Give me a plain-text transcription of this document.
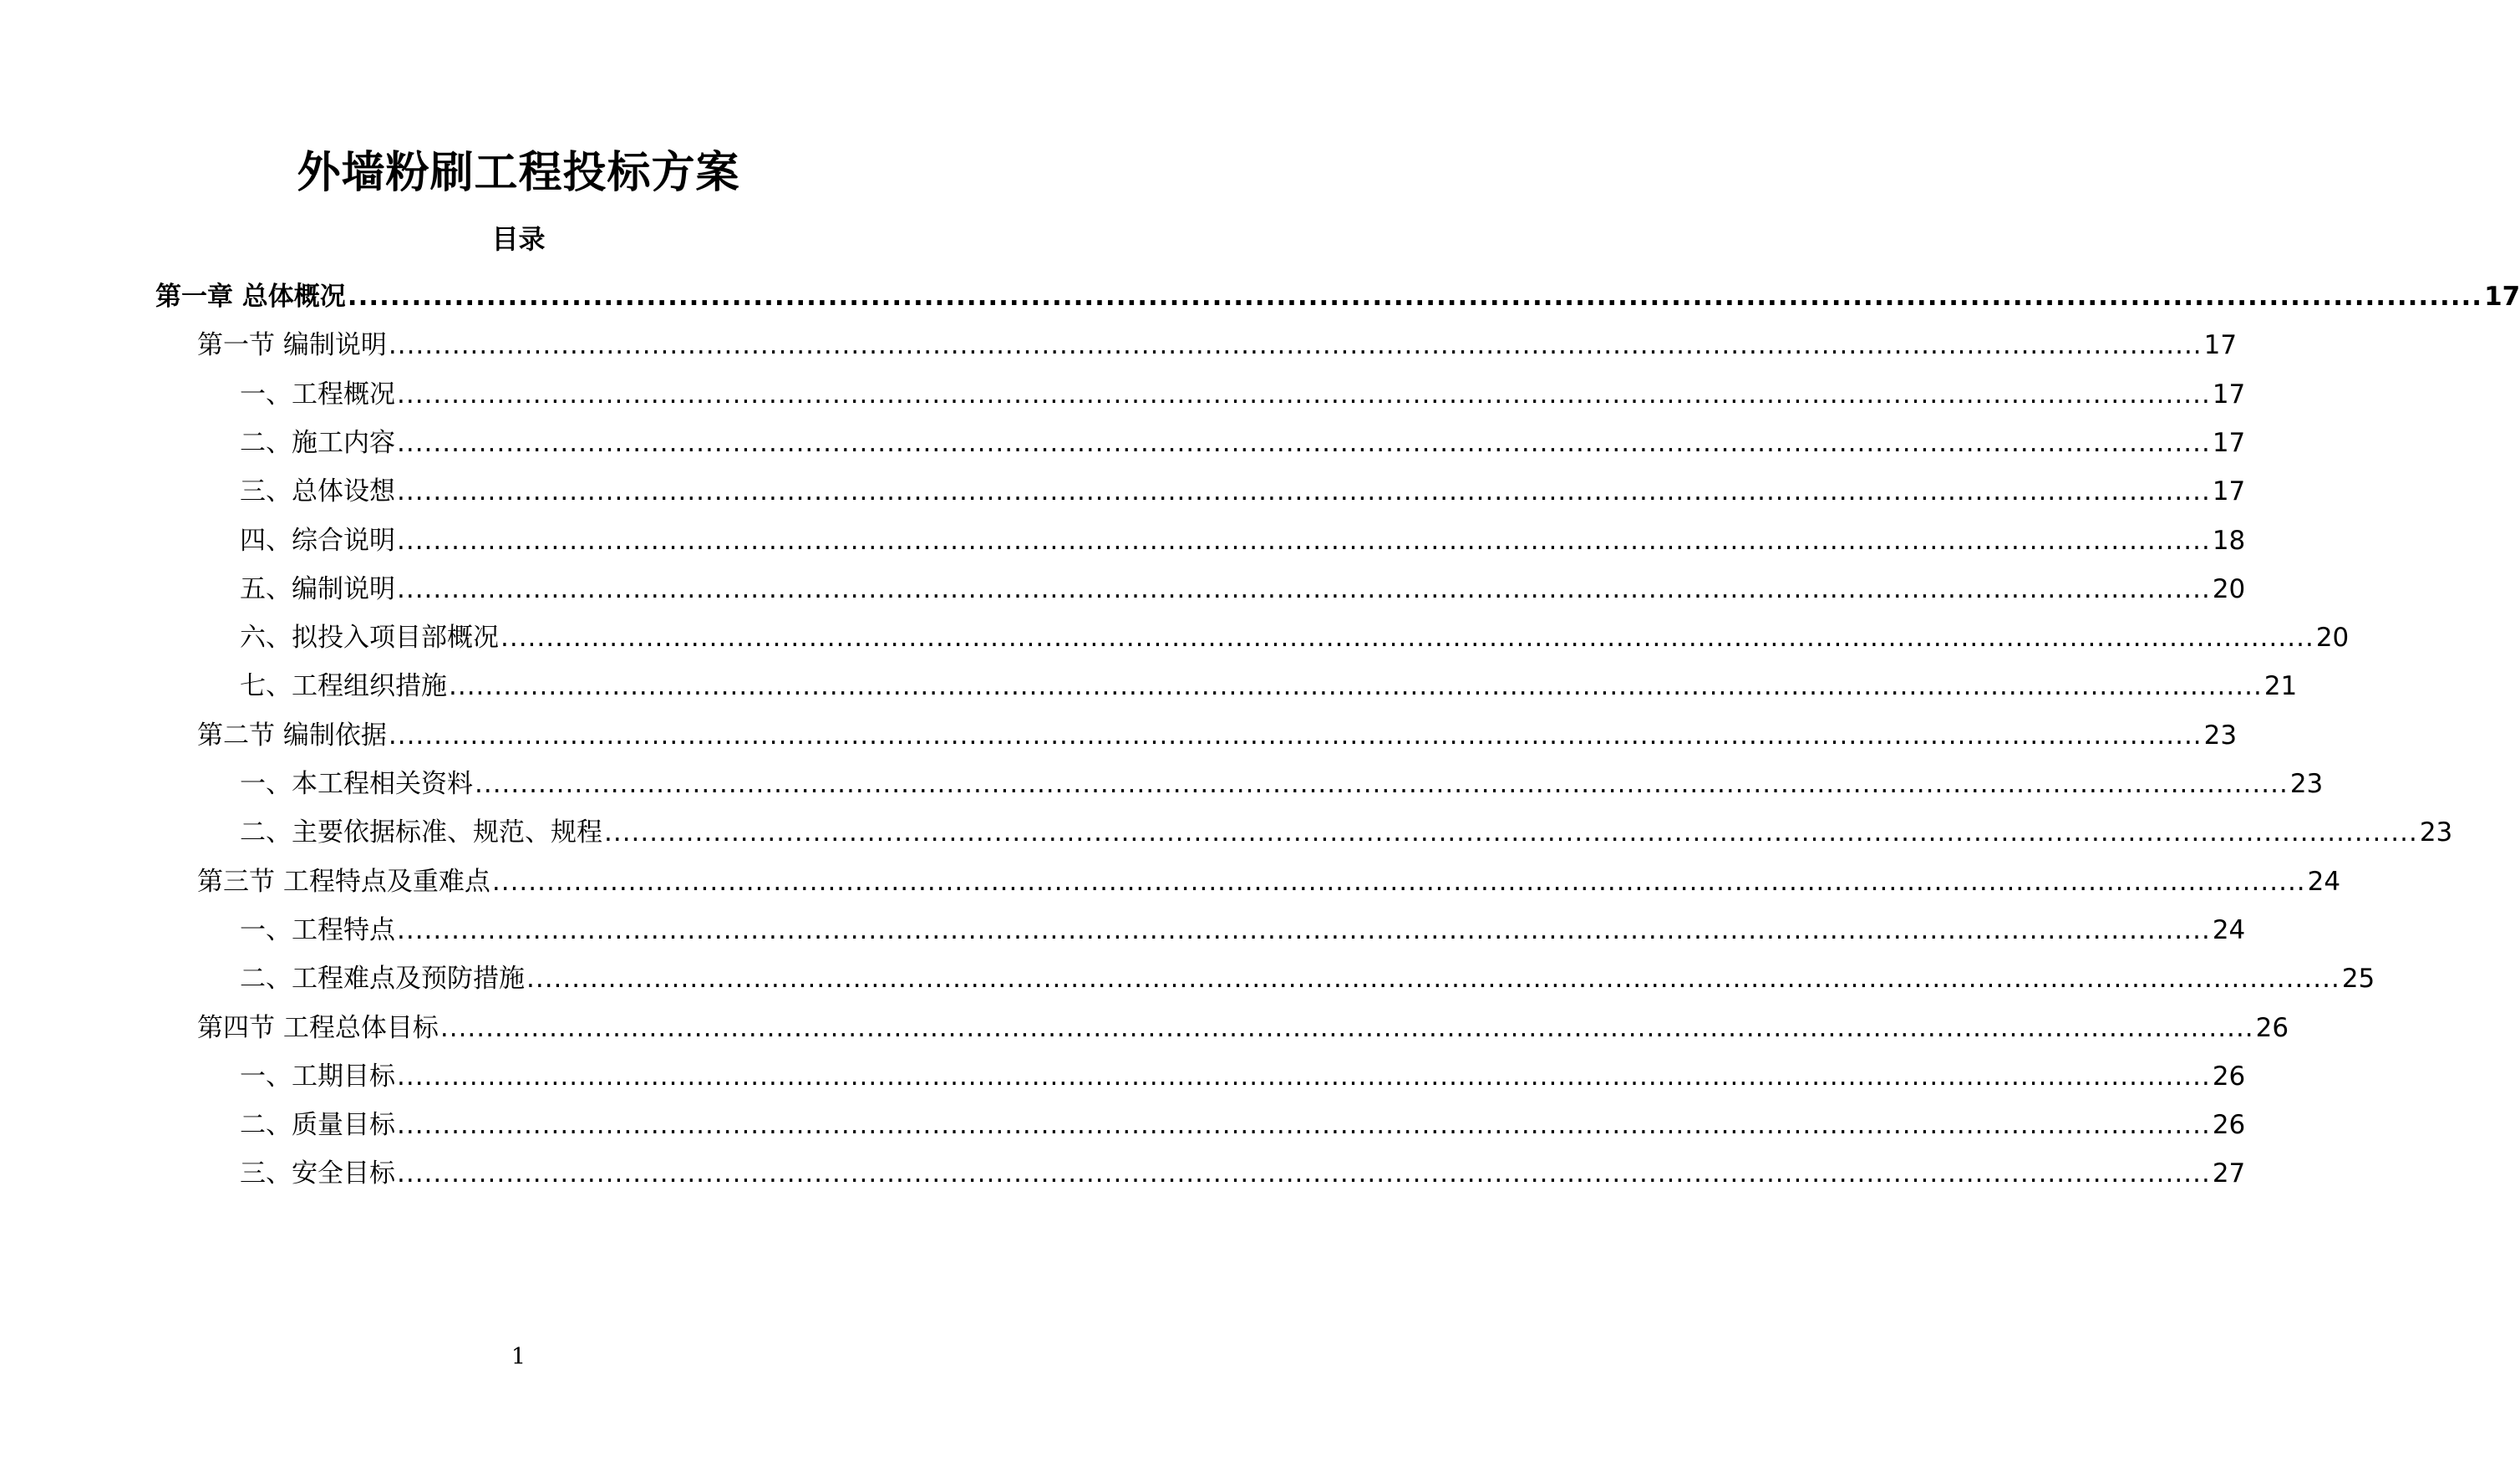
外墙粉刷工程投标方案
目录
第一章 总体概况 ........................................................................................................................................................................................................ 17
第一节 编制说明 ........................................................................................................................................................................................................ 17
一、工程概况 ........................................................................................................................................................................................................ 17
二、施工内容 ........................................................................................................................................................................................................ 17
三、总体设想 ........................................................................................................................................................................................................ 17
四、综合说明 ........................................................................................................................................................................................................ 18
五、编制说明 ........................................................................................................................................................................................................ 20
六、拟投入项目部概况 ........................................................................................................................................................................................................ 20
七、工程组织措施 ........................................................................................................................................................................................................ 21
第二节 编制依据 ........................................................................................................................................................................................................ 23
一、本工程相关资料 ........................................................................................................................................................................................................ 23
二、主要依据标准、规范、规程 ........................................................................................................................................................................................................ 23
第三节 工程特点及重难点 ........................................................................................................................................................................................................ 24
一、工程特点 ........................................................................................................................................................................................................ 24
二、工程难点及预防措施 ........................................................................................................................................................................................................ 25
第四节 工程总体目标 ........................................................................................................................................................................................................ 26
一、工期目标 ........................................................................................................................................................................................................ 26
二、质量目标 ........................................................................................................................................................................................................ 26
三、安全目标 ........................................................................................................................................................................................................ 27
1
